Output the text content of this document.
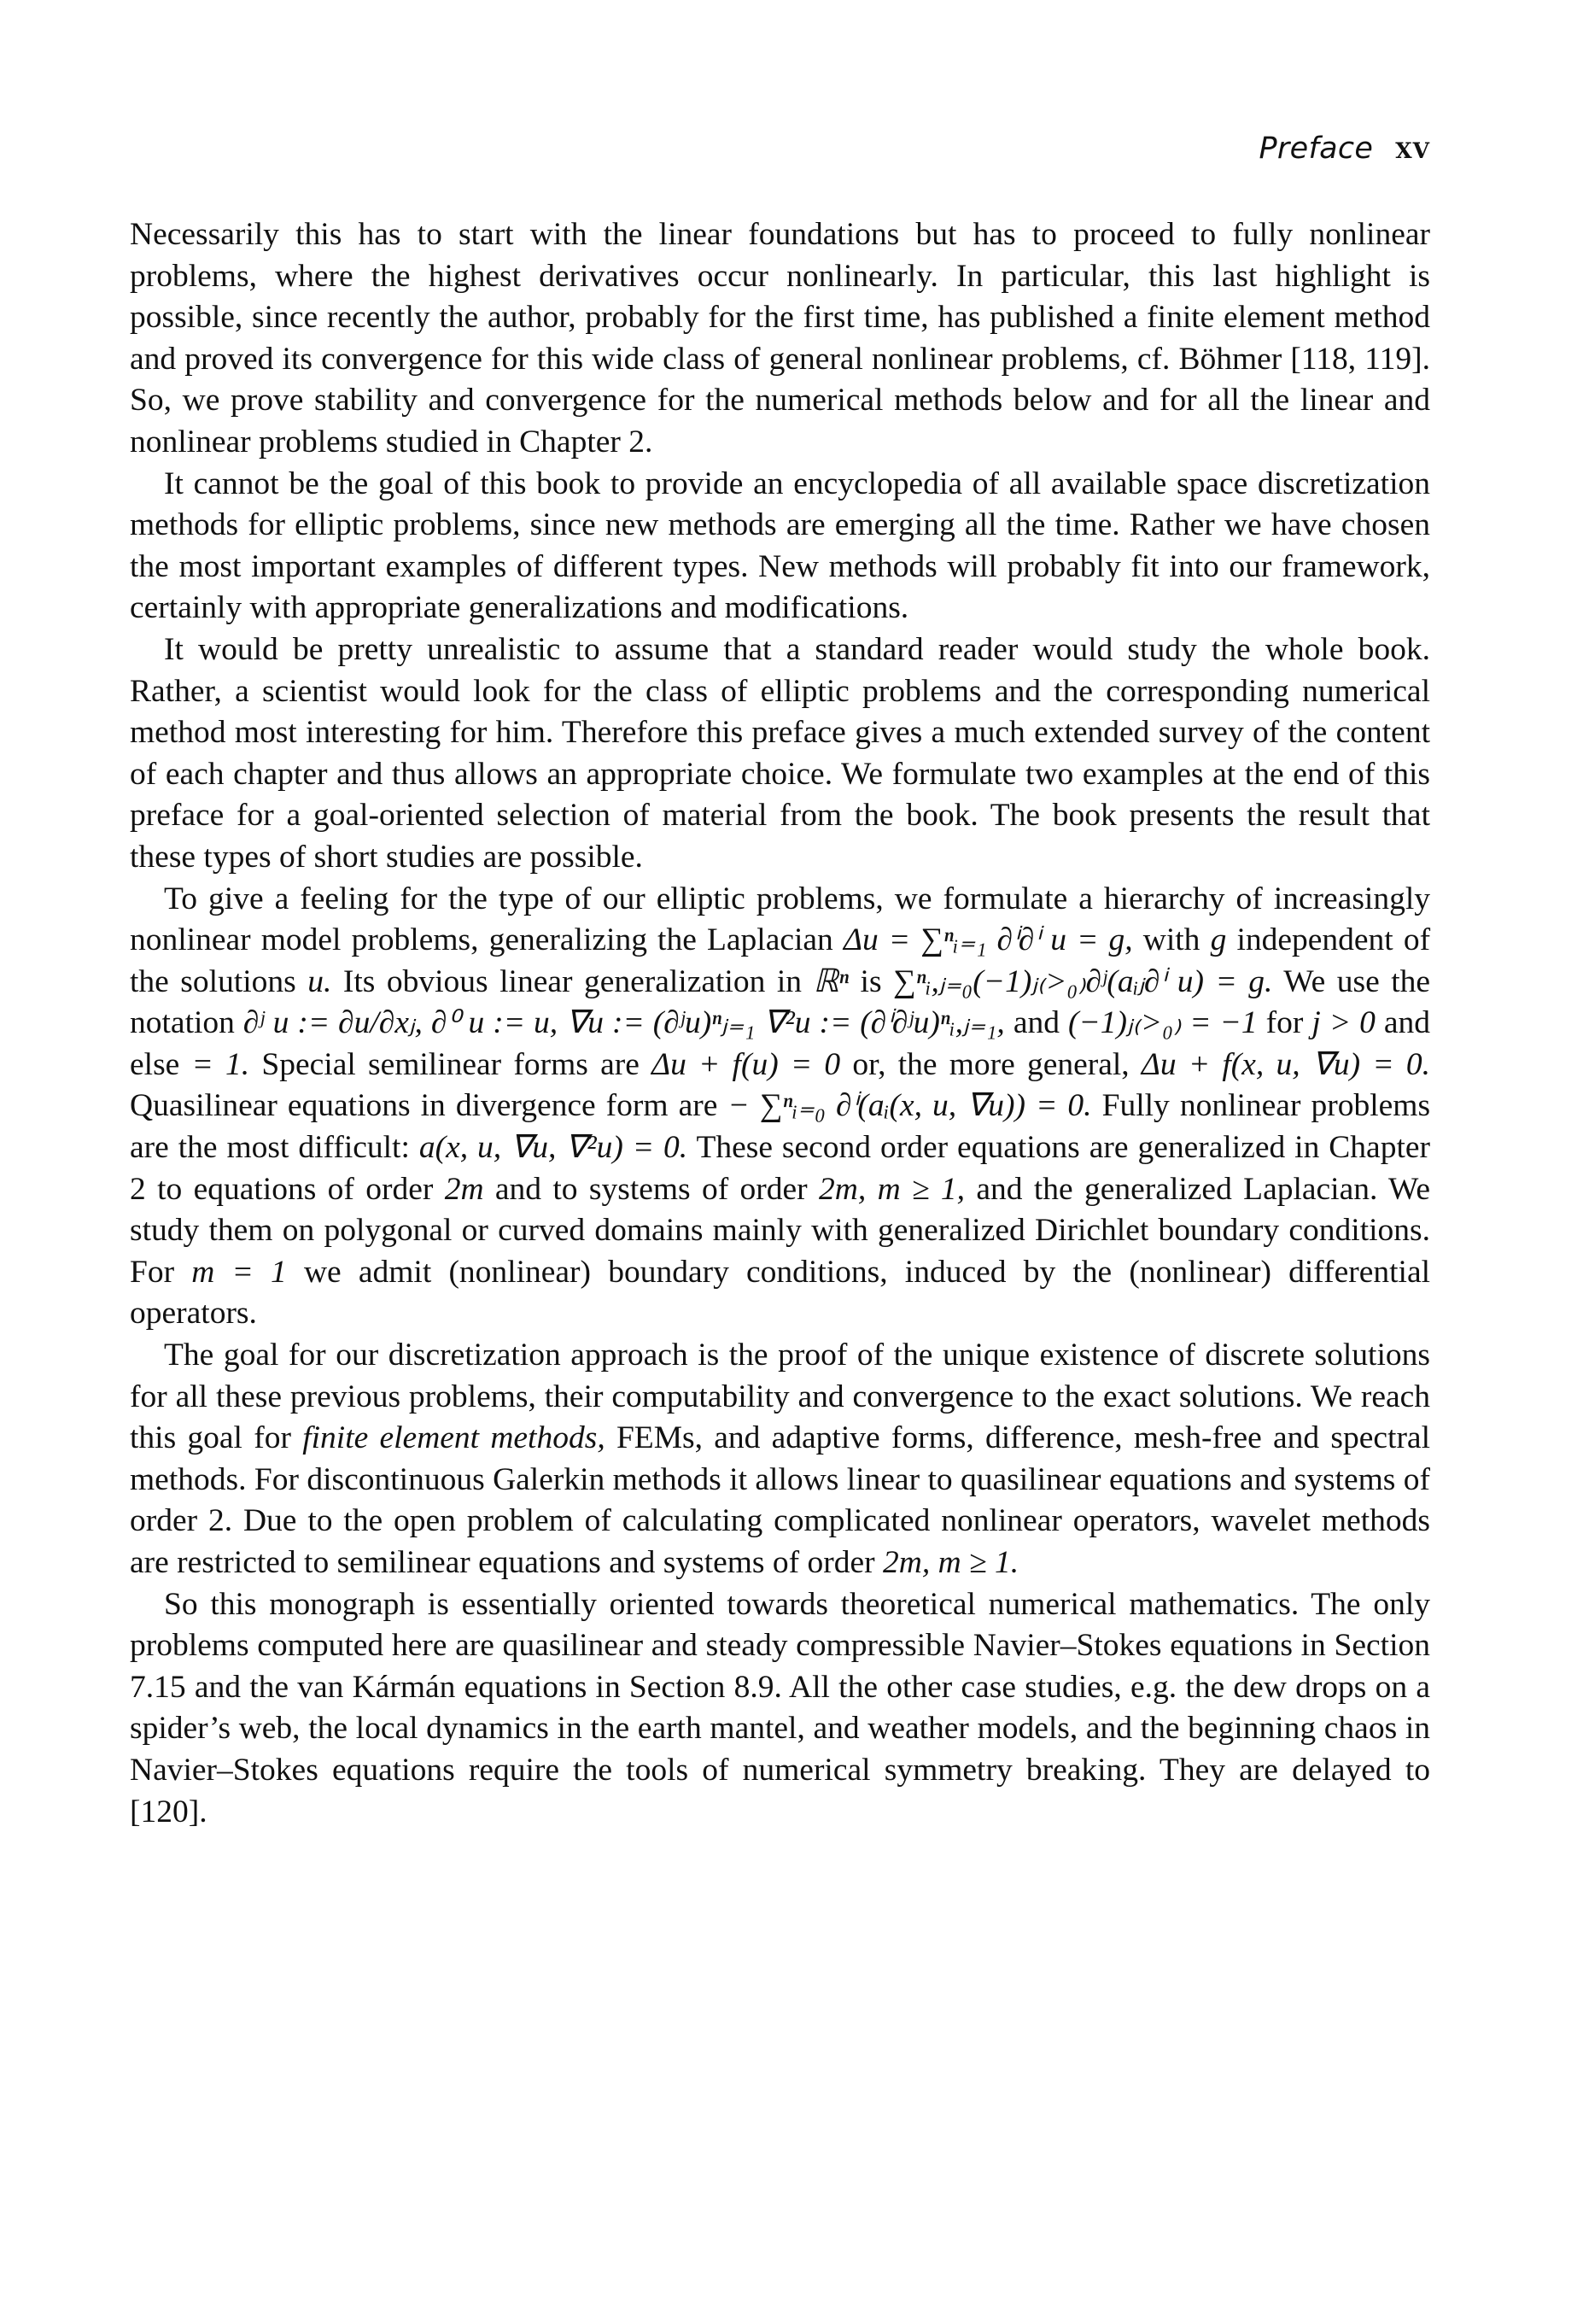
Preface xv

Necessarily this has to start with the linear foundations but has to proceed to fully nonlinear problems, where the highest derivatives occur nonlinearly. In particular, this last highlight is possible, since recently the author, probably for the first time, has published a finite element method and proved its convergence for this wide class of general nonlinear problems, cf. Böhmer [118, 119]. So, we prove stability and convergence for the numerical methods below and for all the linear and nonlinear problems studied in Chapter 2.

It cannot be the goal of this book to provide an encyclopedia of all available space discretization methods for elliptic problems, since new methods are emerging all the time. Rather we have chosen the most important examples of different types. New methods will probably fit into our framework, certainly with appropriate generalizations and modifications.

It would be pretty unrealistic to assume that a standard reader would study the whole book. Rather, a scientist would look for the class of elliptic problems and the corresponding numerical method most interesting for him. Therefore this preface gives a much extended survey of the content of each chapter and thus allows an appropriate choice. We formulate two examples at the end of this preface for a goal-oriented selection of material from the book. The book presents the result that these types of short studies are possible.

To give a feeling for the type of our elliptic problems, we formulate a hierarchy of increasingly nonlinear model problems, generalizing the Laplacian Δu = ∑ⁿᵢ₌₁ ∂ⁱ∂ⁱ u = g, with g independent of the solutions u. Its obvious linear generalization in ℝⁿ is ∑ⁿᵢ,ⱼ₌₀(−1)ⱼ₍>₀₎∂ʲ(aᵢⱼ∂ⁱ u) = g. We use the notation ∂ʲ u := ∂u/∂xⱼ, ∂⁰ u := u, ∇u := (∂ʲu)ⁿⱼ₌₁ ∇²u := (∂ⁱ∂ʲu)ⁿᵢ,ⱼ₌₁, and (−1)ⱼ₍>₀₎ = −1 for j > 0 and else = 1. Special semilinear forms are Δu + f(u) = 0 or, the more general, Δu + f(x, u, ∇u) = 0. Quasilinear equations in divergence form are − ∑ⁿᵢ₌₀ ∂ⁱ(aᵢ(x, u, ∇u)) = 0. Fully nonlinear problems are the most difficult: a(x, u, ∇u, ∇²u) = 0. These second order equations are generalized in Chapter 2 to equations of order 2m and to systems of order 2m, m ≥ 1, and the generalized Laplacian. We study them on polygonal or curved domains mainly with generalized Dirichlet boundary conditions. For m = 1 we admit (nonlinear) boundary conditions, induced by the (nonlinear) differential operators.

The goal for our discretization approach is the proof of the unique existence of discrete solutions for all these previous problems, their computability and convergence to the exact solutions. We reach this goal for finite element methods, FEMs, and adaptive forms, difference, mesh-free and spectral methods. For discontinuous Galerkin methods it allows linear to quasilinear equations and systems of order 2. Due to the open problem of calculating complicated nonlinear operators, wavelet methods are restricted to semilinear equations and systems of order 2m, m ≥ 1.

So this monograph is essentially oriented towards theoretical numerical mathematics. The only problems computed here are quasilinear and steady compressible Navier–Stokes equations in Section 7.15 and the van Kármán equations in Section 8.9. All the other case studies, e.g. the dew drops on a spider’s web, the local dynamics in the earth mantel, and weather models, and the beginning chaos in Navier–Stokes equations require the tools of numerical symmetry breaking. They are delayed to [120].
